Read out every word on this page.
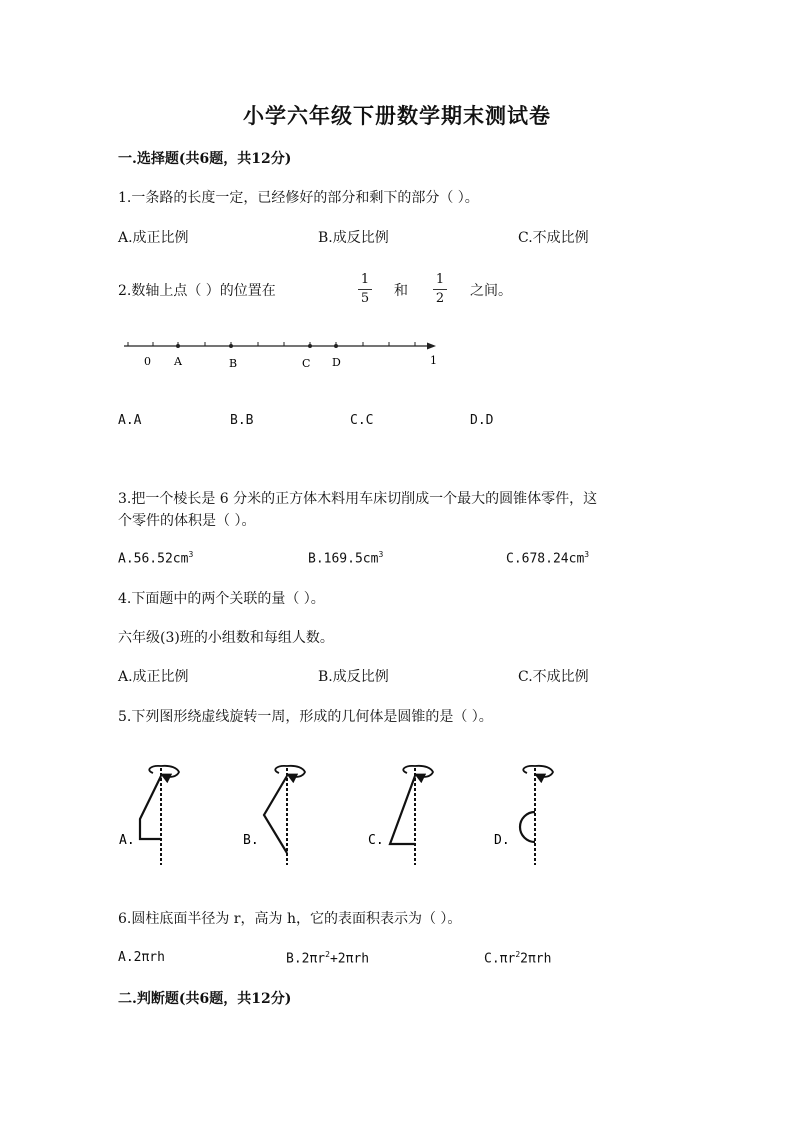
小学六年级下册数学期末测试卷
一.选择题(共6题，共12分)
1.一条路的长度一定，已经修好的部分和剩下的部分（ ）。
A.成正比例	B.成反比例	C.不成比例
2.数轴上点（ ）的位置在
1
5 和
1
2 之间。
0 A	B	C D	1
A.A	B.B	C.C	D.D
3.把一个棱长是 6 分米的正方体木料用车床切削成一个最大的圆锥体零件，这
个零件的体积是（ ）。
$A.56.52cm^3$	$B.169.5cm^3$	$C.678.24cm^3$
4.下面题中的两个关联的量（ ）。
六年级(3)班的小组数和每组人数。
A.成正比例	B.成反比例	C.不成比例
5.下列图形绕虚线旋转一周，形成的几何体是圆锥的是（ ）。
A.	B.	C.	D.
6.圆柱底面半径为 r，高为 h，它的表面积表示为（ ）。
A.2πrh	$B.2\pi r^2+2\pi rh$	$C.\pi r^22\pi rh$
二.判断题(共6题，共12分)
